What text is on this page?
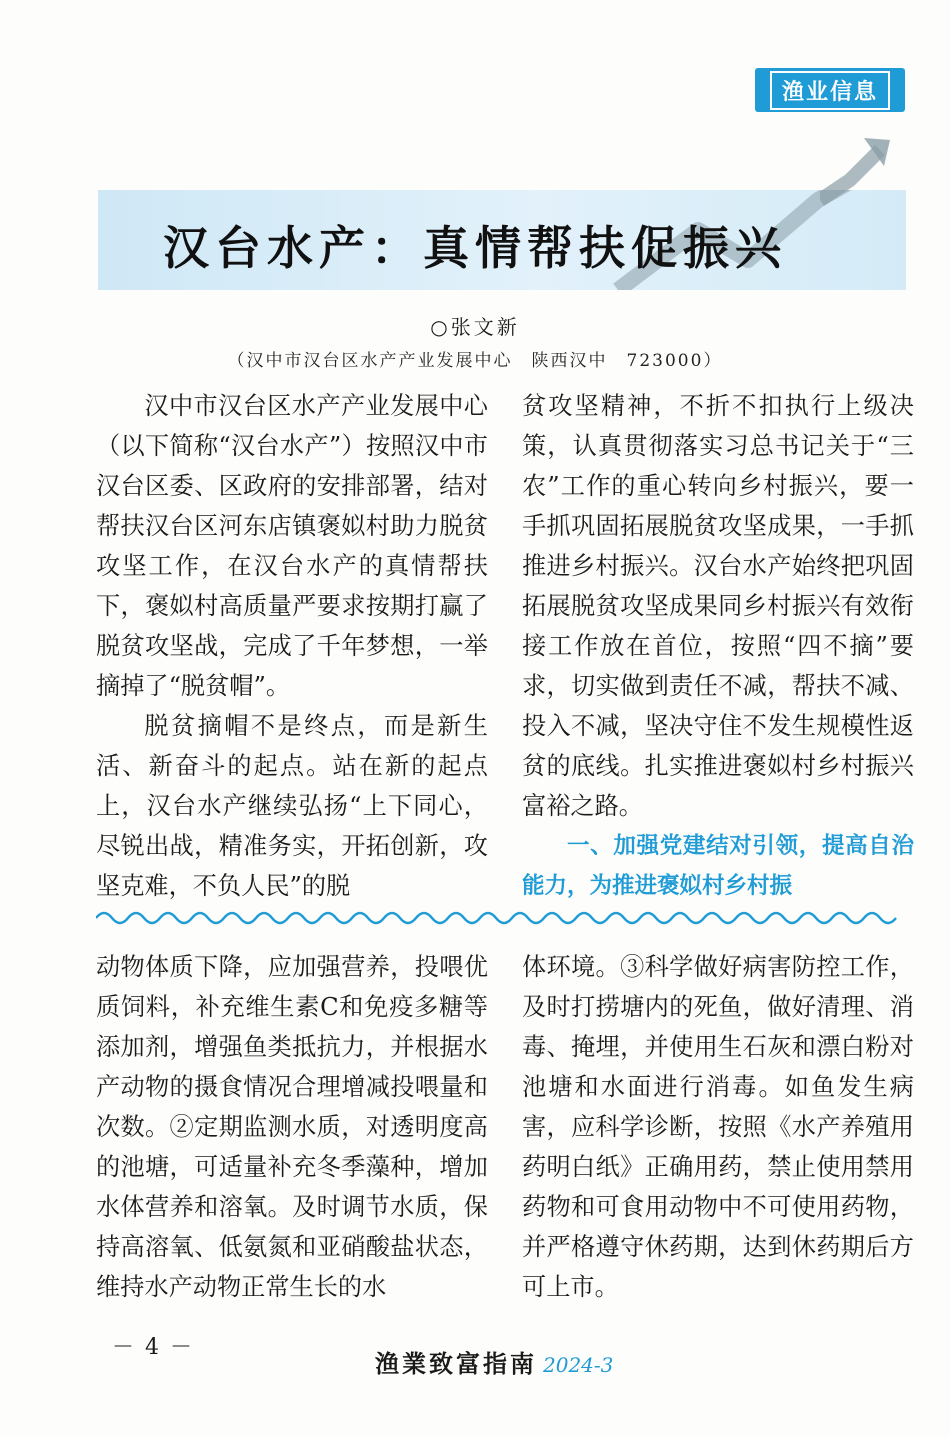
渔业信息
汉台水产：真情帮扶促振兴
○张文新
（汉中市汉台区水产产业发展中心　陕西汉中　723000）

汉中市汉台区水产产业发展中心（以下简称“汉台水产”）按照汉中市汉台区委、区政府的安排部署，结对帮扶汉台区河东店镇褒姒村助力脱贫攻坚工作，在汉台水产的真情帮扶下，褒姒村高质量严要求按期打赢了脱贫攻坚战，完成了千年梦想，一举摘掉了“脱贫帽”。

脱贫摘帽不是终点，而是新生活、新奋斗的起点。站在新的起点上，汉台水产继续弘扬“上下同心，尽锐出战，精准务实，开拓创新，攻坚克难，不负人民”的脱

贫攻坚精神，不折不扣执行上级决策，认真贯彻落实习总书记关于“三农”工作的重心转向乡村振兴，要一手抓巩固拓展脱贫攻坚成果，一手抓推进乡村振兴。汉台水产始终把巩固拓展脱贫攻坚成果同乡村振兴有效衔接工作放在首位，按照“四不摘”要求，切实做到责任不减，帮扶不减、投入不减，坚决守住不发生规模性返贫的底线。扎实推进褒姒村乡村振兴富裕之路。

一、加强党建结对引领，提高自治能力，为推进褒姒村乡村振

动物体质下降，应加强营养，投喂优质饲料，补充维生素C和免疫多糖等添加剂，增强鱼类抵抗力，并根据水产动物的摄食情况合理增减投喂量和次数。②定期监测水质，对透明度高的池塘，可适量补充冬季藻种，增加水体营养和溶氧。及时调节水质，保持高溶氧、低氨氮和亚硝酸盐状态，维持水产动物正常生长的水

体环境。③科学做好病害防控工作，及时打捞塘内的死鱼，做好清理、消毒、掩埋，并使用生石灰和漂白粉对池塘和水面进行消毒。如鱼发生病害，应科学诊断，按照《水产养殖用药明白纸》正确用药，禁止使用禁用药物和可食用动物中不可使用药物，并严格遵守休药期，达到休药期后方可上市。

－ 4 －
渔業致富指南 2024-3
